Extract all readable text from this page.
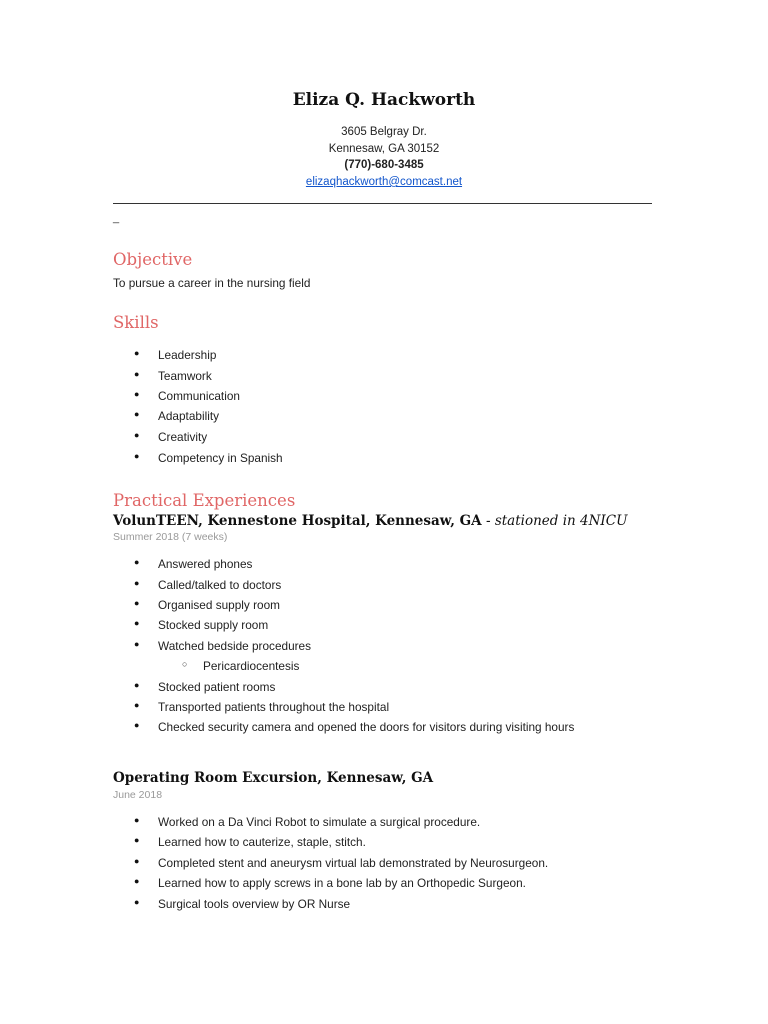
Eliza Q. Hackworth
3605 Belgray Dr.
Kennesaw, GA 30152
(770)-680-3485
elizaqhackworth@comcast.net
_
Objective
To pursue a career in the nursing field
Skills
● Leadership
● Teamwork
● Communication
● Adaptability
● Creativity
● Competency in Spanish
Practical Experiences
VolunTEEN, Kennestone Hospital, Kennesaw, GA - stationed in 4NICU
Summer 2018 (7 weeks)
● Answered phones
● Called/talked to doctors
● Organised supply room
● Stocked supply room
● Watched bedside procedures
○ Pericardiocentesis
● Stocked patient rooms
● Transported patients throughout the hospital
● Checked security camera and opened the doors for visitors during visiting hours
Operating Room Excursion, Kennesaw, GA
June 2018
● Worked on a Da Vinci Robot to simulate a surgical procedure.
● Learned how to cauterize, staple, stitch.
● Completed stent and aneurysm virtual lab demonstrated by Neurosurgeon.
● Learned how to apply screws in a bone lab by an Orthopedic Surgeon.
● Surgical tools overview by OR Nurse
